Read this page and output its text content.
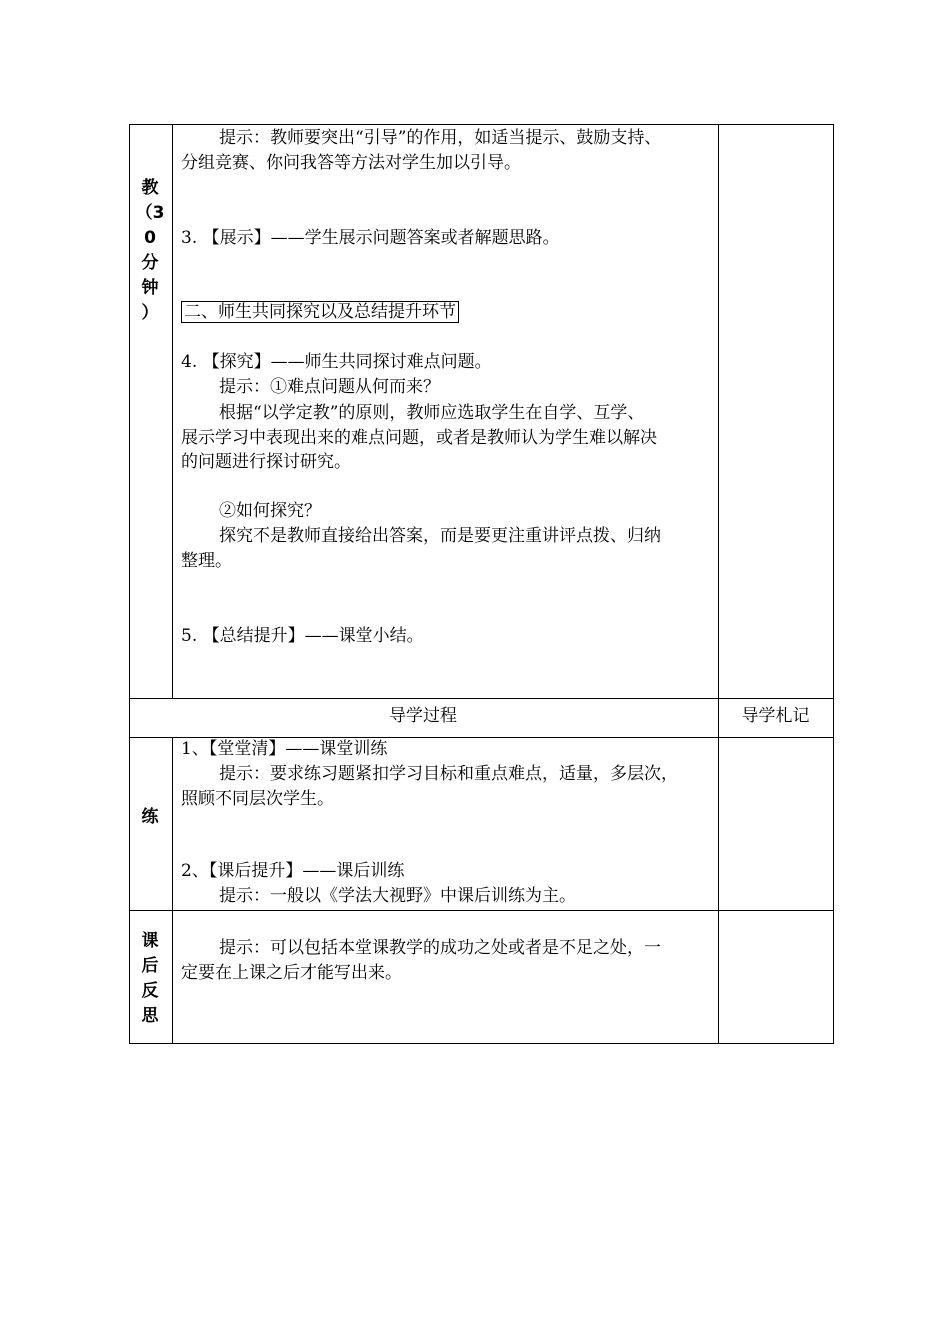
教
（3
0
分
钟
）
提示：教师要突出“引导”的作用，如适当提示、鼓励支持、
分组竞赛、你问我答等方法对学生加以引导。
3. 【展示】——学生展示问题答案或者解题思路。
二、师生共同探究以及总结提升环节
4. 【探究】——师生共同探讨难点问题。
提示：①难点问题从何而来？
根据“以学定教”的原则，教师应选取学生在自学、互学、
展示学习中表现出来的难点问题，或者是教师认为学生难以解决
的问题进行探讨研究。
②如何探究？
探究不是教师直接给出答案，而是要更注重讲评点拨、归纳
整理。
5. 【总结提升】——课堂小结。
导学过程	导学札记
练
1、【堂堂清】——课堂训练
提示：要求练习题紧扣学习目标和重点难点，适量，多层次，
照顾不同层次学生。
2、【课后提升】——课后训练
提示：一般以《学法大视野》中课后训练为主。
课
后
反
思
提示：可以包括本堂课教学的成功之处或者是不足之处，一
定要在上课之后才能写出来。
